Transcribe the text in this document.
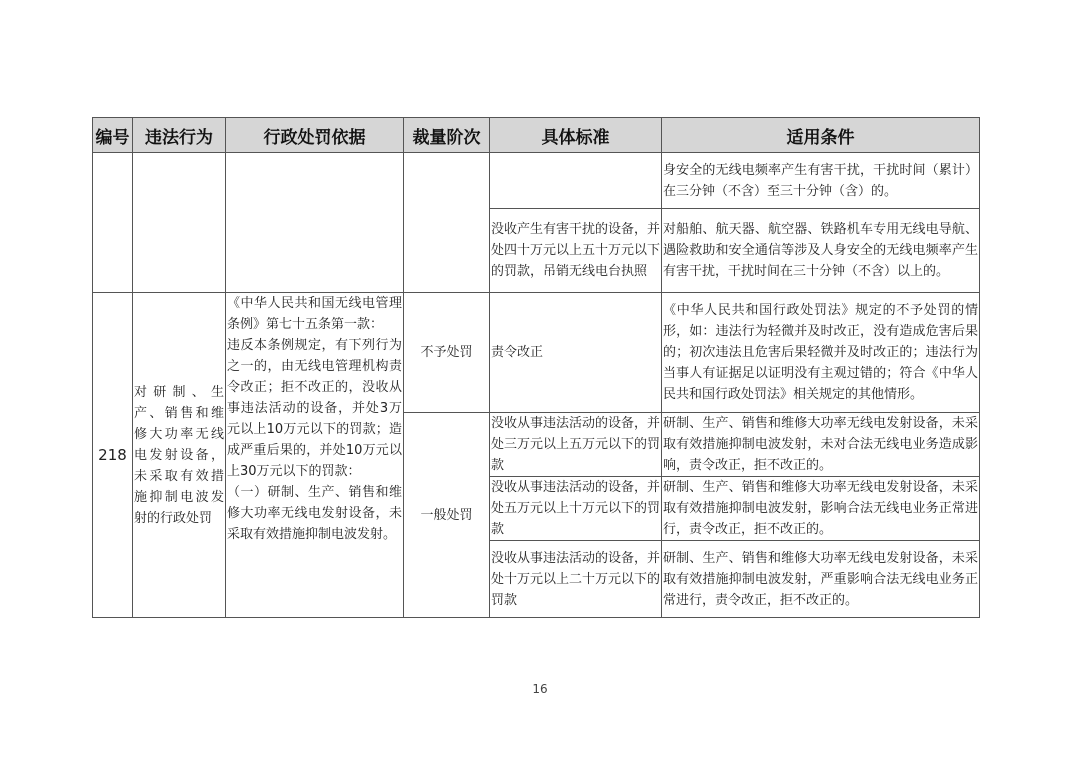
编号	违法行为	行政处罚依据	裁量阶次	具体标准	适用条件
					身安全的无线电频率产生有害干扰，干扰时间（累计）在三分钟（不含）至三十分钟（含）的。
				没收产生有害干扰的设备，并处四十万元以上五十万元以下的罚款，吊销无线电台执照	对船舶、航天器、航空器、铁路机车专用无线电导航、遇险救助和安全通信等涉及人身安全的无线电频率产生有害干扰，干扰时间在三十分钟（不含）以上的。
218	对研制、生产、销售和维修大功率无线电发射设备，未采取有效措施抑制电波发射的行政处罚	《中华人民共和国无线电管理条例》第七十五条第一款：
违反本条例规定，有下列行为之一的，由无线电管理机构责令改正；拒不改正的，没收从事违法活动的设备，并处3万元以上10万元以下的罚款；造成严重后果的，并处10万元以上30万元以下的罚款：
（一）研制、生产、销售和维修大功率无线电发射设备，未采取有效措施抑制电波发射。	不予处罚	责令改正	《中华人民共和国行政处罚法》规定的不予处罚的情形，如：违法行为轻微并及时改正，没有造成危害后果的；初次违法且危害后果轻微并及时改正的；违法行为当事人有证据足以证明没有主观过错的；符合《中华人民共和国行政处罚法》相关规定的其他情形。
			一般处罚	没收从事违法活动的设备，并处三万元以上五万元以下的罚款	研制、生产、销售和维修大功率无线电发射设备，未采取有效措施抑制电波发射，未对合法无线电业务造成影响，责令改正，拒不改正的。
				没收从事违法活动的设备，并处五万元以上十万元以下的罚款	研制、生产、销售和维修大功率无线电发射设备，未采取有效措施抑制电波发射，影响合法无线电业务正常进行，责令改正，拒不改正的。
				没收从事违法活动的设备，并处十万元以上二十万元以下的罚款	研制、生产、销售和维修大功率无线电发射设备，未采取有效措施抑制电波发射，严重影响合法无线电业务正常进行，责令改正，拒不改正的。
16
